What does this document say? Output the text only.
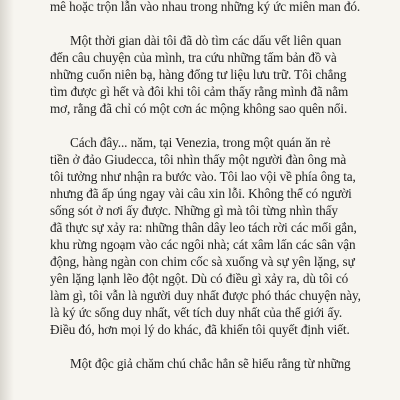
mê hoặc trộn lẫn vào nhau trong những ký ức miên man đó.
Một thời gian dài tôi đã dò tìm các dấu vết liên quan
đến câu chuyện của mình, tra cứu những tấm bản đồ và
những cuốn niên bạ, hàng đống tư liệu lưu trữ. Tôi chẳng
tìm được gì hết và đôi khi tôi cảm thấy rằng mình đã nằm
mơ, rằng đã chỉ có một cơn ác mộng không sao quên nổi.
Cách đây... năm, tại Venezia, trong một quán ăn rẻ
tiền ở đảo Giudecca, tôi nhìn thấy một người đàn ông mà
tôi tưởng như nhận ra bước vào. Tôi lao vội về phía ông ta,
nhưng đã ấp úng ngay vài câu xin lỗi. Không thể có người
sống sót ở nơi ấy được. Những gì mà tôi từng nhìn thấy
đã thực sự xảy ra: những thân dây leo tách rời các mối gắn,
khu rừng ngoạm vào các ngôi nhà; cát xâm lấn các sân vận
động, hàng ngàn con chim cốc sà xuống và sự yên lặng, sự
yên lặng lạnh lẽo đột ngột. Dù có điều gì xảy ra, dù tôi có
làm gì, tôi vẫn là người duy nhất được phó thác chuyện này,
là ký ức sống duy nhất, vết tích duy nhất của thế giới ấy.
Điều đó, hơn mọi lý do khác, đã khiến tôi quyết định viết.
Một độc giả chăm chú chắc hẳn sẽ hiểu rằng từ những
